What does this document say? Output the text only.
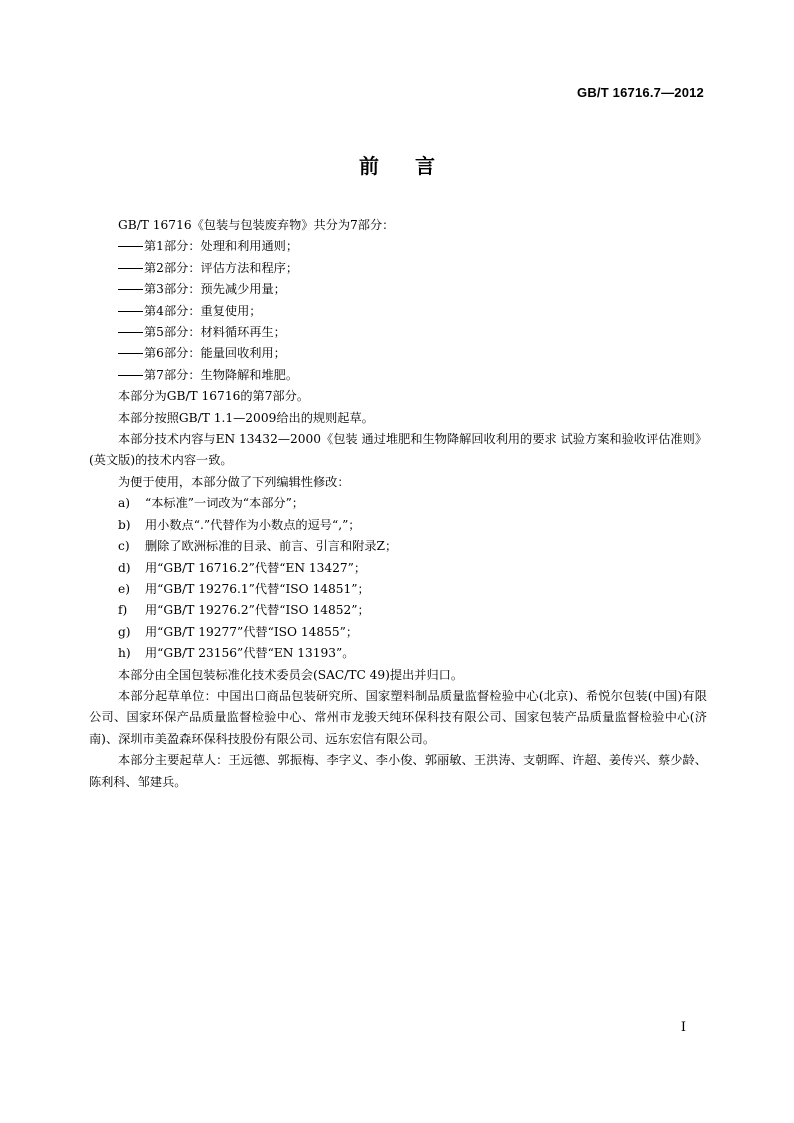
GB/T 16716.7—2012
前 言

GB/T 16716《包装与包装废弃物》共分为7部分：

第1部分：处理和利用通则；
第2部分：评估方法和程序；
第3部分：预先减少用量；
第4部分：重复使用；
第5部分：材料循环再生；
第6部分：能量回收利用；
第7部分：生物降解和堆肥。

本部分为GB/T 16716的第7部分。

本部分按照GB/T 1.1—2009给出的规则起草。

本部分技术内容与EN 13432—2000《包装 通过堆肥和生物降解回收利用的要求 试验方案和验收评估准则》(英文版)的技术内容一致。

为便于使用，本部分做了下列编辑性修改：

a) “本标准”一词改为“本部分”；
b) 用小数点“.”代替作为小数点的逗号“,”；
c) 删除了欧洲标准的目录、前言、引言和附录Z；
d) 用“GB/T 16716.2”代替“EN 13427”；
e) 用“GB/T 19276.1”代替“ISO 14851”；
f) 用“GB/T 19276.2”代替“ISO 14852”；
g) 用“GB/T 19277”代替“ISO 14855”；
h) 用“GB/T 23156”代替“EN 13193”。

本部分由全国包装标准化技术委员会(SAC/TC 49)提出并归口。

本部分起草单位：中国出口商品包装研究所、国家塑料制品质量监督检验中心(北京)、希悦尔包装(中国)有限公司、国家环保产品质量监督检验中心、常州市龙骏天纯环保科技有限公司、国家包装产品质量监督检验中心(济南)、深圳市美盈森环保科技股份有限公司、远东宏信有限公司。

本部分主要起草人：王远德、郭振梅、李字义、李小俊、郭丽敏、王洪涛、支朝晖、许超、姜传兴、蔡少龄、陈利科、邹建兵。

I
